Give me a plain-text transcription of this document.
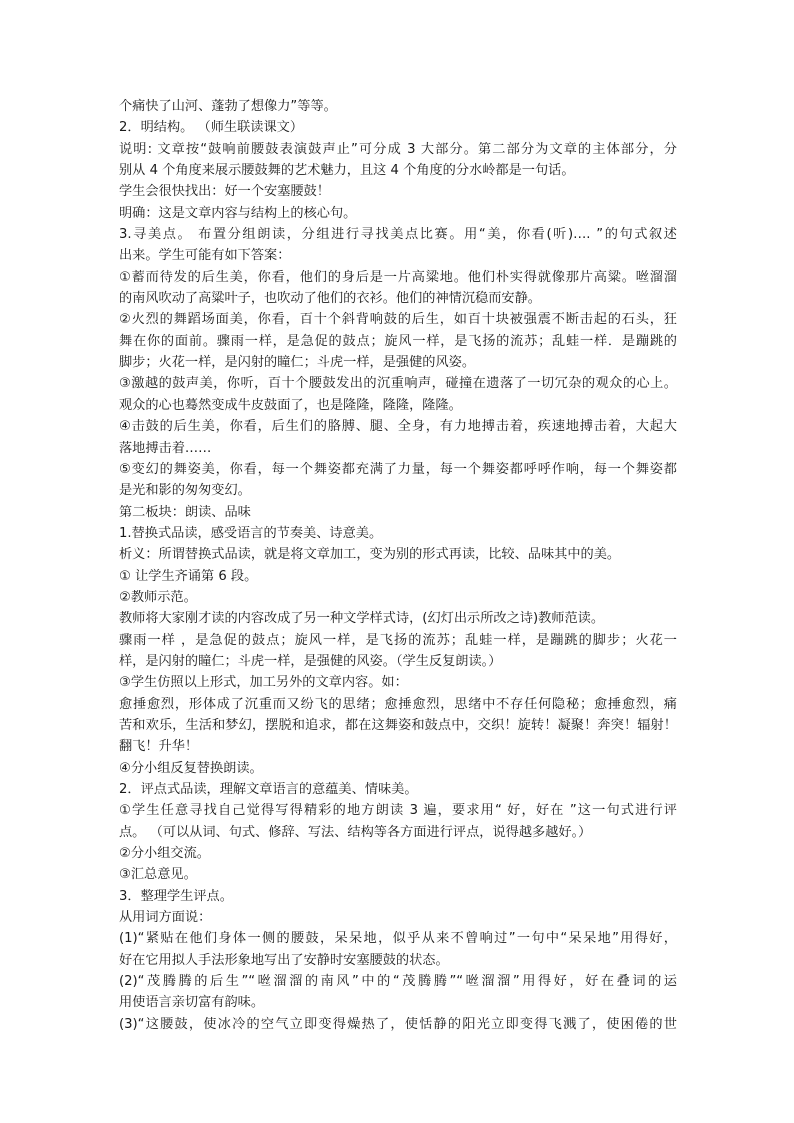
个痛快了山河、蓬勃了想像力”等等。
2．明结构。 （师生联读课文）
说明: 文章按“鼓响前腰鼓表演鼓声止”可分成 3 大部分。第二部分为文章的主体部分，分
别从 4 个角度来展示腰鼓舞的艺术魅力，且这 4 个角度的分水岭都是一句话。
学生会很快找出：好一个安塞腰鼓！
明确：这是文章内容与结构上的核心句。
3.寻美点。 布置分组朗读，分组进行寻找美点比赛。用“美，你看(听)…. ”的句式叙述
出来。学生可能有如下答案：
①蓄而待发的后生美，你看，他们的身后是一片高粱地。他们朴实得就像那片高粱。咝溜溜
的南风吹动了高粱叶子，也吹动了他们的衣衫。他们的神情沉稳而安静。
②火烈的舞蹈场面美，你看，百十个斜背响鼓的后生，如百十块被强震不断击起的石头，狂
舞在你的面前。骤雨一样，是急促的鼓点；旋风一样，是飞扬的流苏；乱蛙一样．是蹦跳的
脚步；火花一样，是闪射的瞳仁；斗虎一样，是强健的风姿。
③激越的鼓声美，你听，百十个腰鼓发出的沉重响声，碰撞在遗落了一切冗杂的观众的心上。
观众的心也蓦然变成牛皮鼓面了，也是隆隆，隆隆，隆隆。
④击鼓的后生美，你看，后生们的胳膊、腿、全身，有力地搏击着，疾速地搏击着，大起大
落地搏击着……
⑤变幻的舞姿美，你看，每一个舞姿都充满了力量，每一个舞姿都呼呼作响，每一个舞姿都
是光和影的匆匆变幻。
第二板块：朗读、品味
1.替换式品读，感受语言的节奏美、诗意美。
析义：所谓替换式品读，就是将文章加工，变为别的形式再读，比较、品味其中的美。
① 让学生齐诵第 6 段。
②教师示范。
教师将大家刚才读的内容改成了另一种文学样式诗，(幻灯出示所改之诗)教师范读。
骤雨一样 ，是急促的鼓点；旋风一样，是飞扬的流苏；乱蛙一样，是蹦跳的脚步；火花一
样，是闪射的瞳仁；斗虎一样，是强健的风姿。（学生反复朗读。）
③学生仿照以上形式，加工另外的文章内容。如：
愈捶愈烈，形体成了沉重而又纷飞的思绪；愈捶愈烈，思绪中不存任何隐秘；愈捶愈烈，痛
苦和欢乐，生活和梦幻，摆脱和追求，都在这舞姿和鼓点中，交织！旋转！凝聚！奔突！辐射！
翻飞！升华！
④分小组反复替换朗读。
2．评点式品读，理解文章语言的意蕴美、情味美。
①学生任意寻找自己觉得写得精彩的地方朗读 3 遍，要求用“ 好，好在 ”这一句式进行评
点。 （可以从词、句式、修辞、写法、结构等各方面进行评点，说得越多越好。）
②分小组交流。
③汇总意见。
3．整理学生评点。
从用词方面说：
(1)“紧贴在他们身体一侧的腰鼓，呆呆地，似乎从来不曾响过”一句中“呆呆地”用得好，
好在它用拟人手法形象地写出了安静时安塞腰鼓的状态。
(2)“茂腾腾的后生”“咝溜溜的南风”中的“茂腾腾”“咝溜溜”用得好，好在叠词的运
用使语言亲切富有韵味。
(3)“这腰鼓，使冰冷的空气立即变得燥热了，使恬静的阳光立即变得飞溅了，使困倦的世
